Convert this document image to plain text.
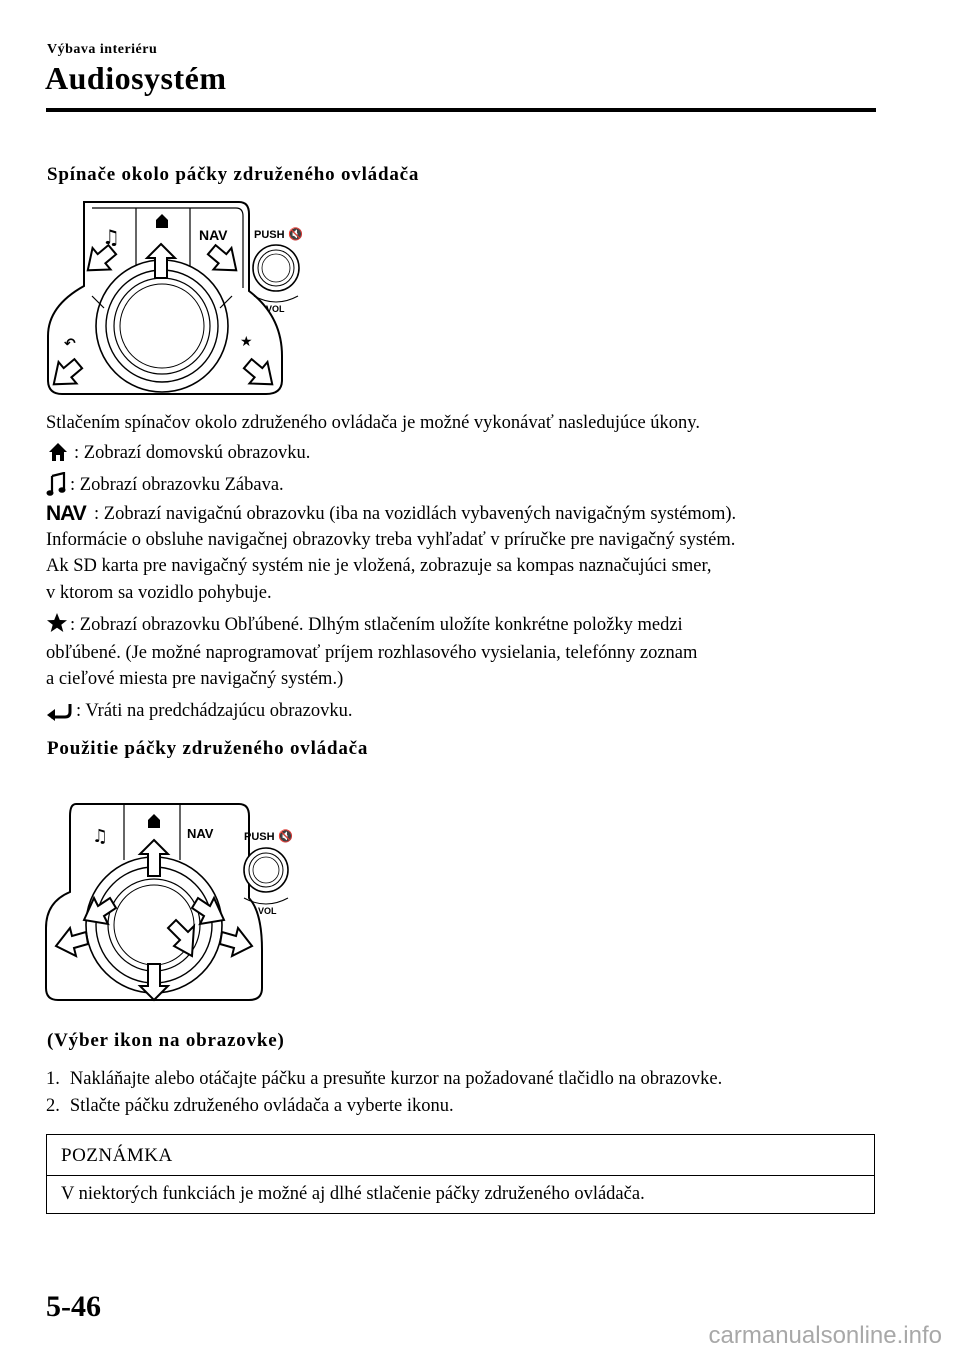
Výbava interiéru
Audiosystém
Spínače okolo páčky združeného ovládača
♫	NAV
↶	★
PUSH 🔇
VOL
Stlačením spínačov okolo združeného ovládača je možné vykonávať nasledujúce úkony.
: Zobrazí domovskú obrazovku.
: Zobrazí obrazovku Zábava.
NAV : Zobrazí navigačnú obrazovku (iba na vozidlách vybavených navigačným systémom).
Informácie o obsluhe navigačnej obrazovky treba vyhľadať v príručke pre navigačný systém.
Ak SD karta pre navigačný systém nie je vložená, zobrazuje sa kompas naznačujúci smer,
v ktorom sa vozidlo pohybuje.
: Zobrazí obrazovku Obľúbené. Dlhým stlačením uložíte konkrétne položky medzi
obľúbené. (Je možné naprogramovať príjem rozhlasového vysielania, telefónny zoznam
a cieľové miesta pre navigačný systém.)
: Vráti na predchádzajúcu obrazovku.
Použitie páčky združeného ovládača
♫	NAV	PUSH 🔇
VOL
(Výber ikon na obrazovke)
1. Nakláňajte alebo otáčajte páčku a presuňte kurzor na požadované tlačidlo na obrazovke.
2. Stlačte páčku združeného ovládača a vyberte ikonu.
POZNÁMKA
V niektorých funkciách je možné aj dlhé stlačenie páčky združeného ovládača.
5-46
carmanualsonline.info
